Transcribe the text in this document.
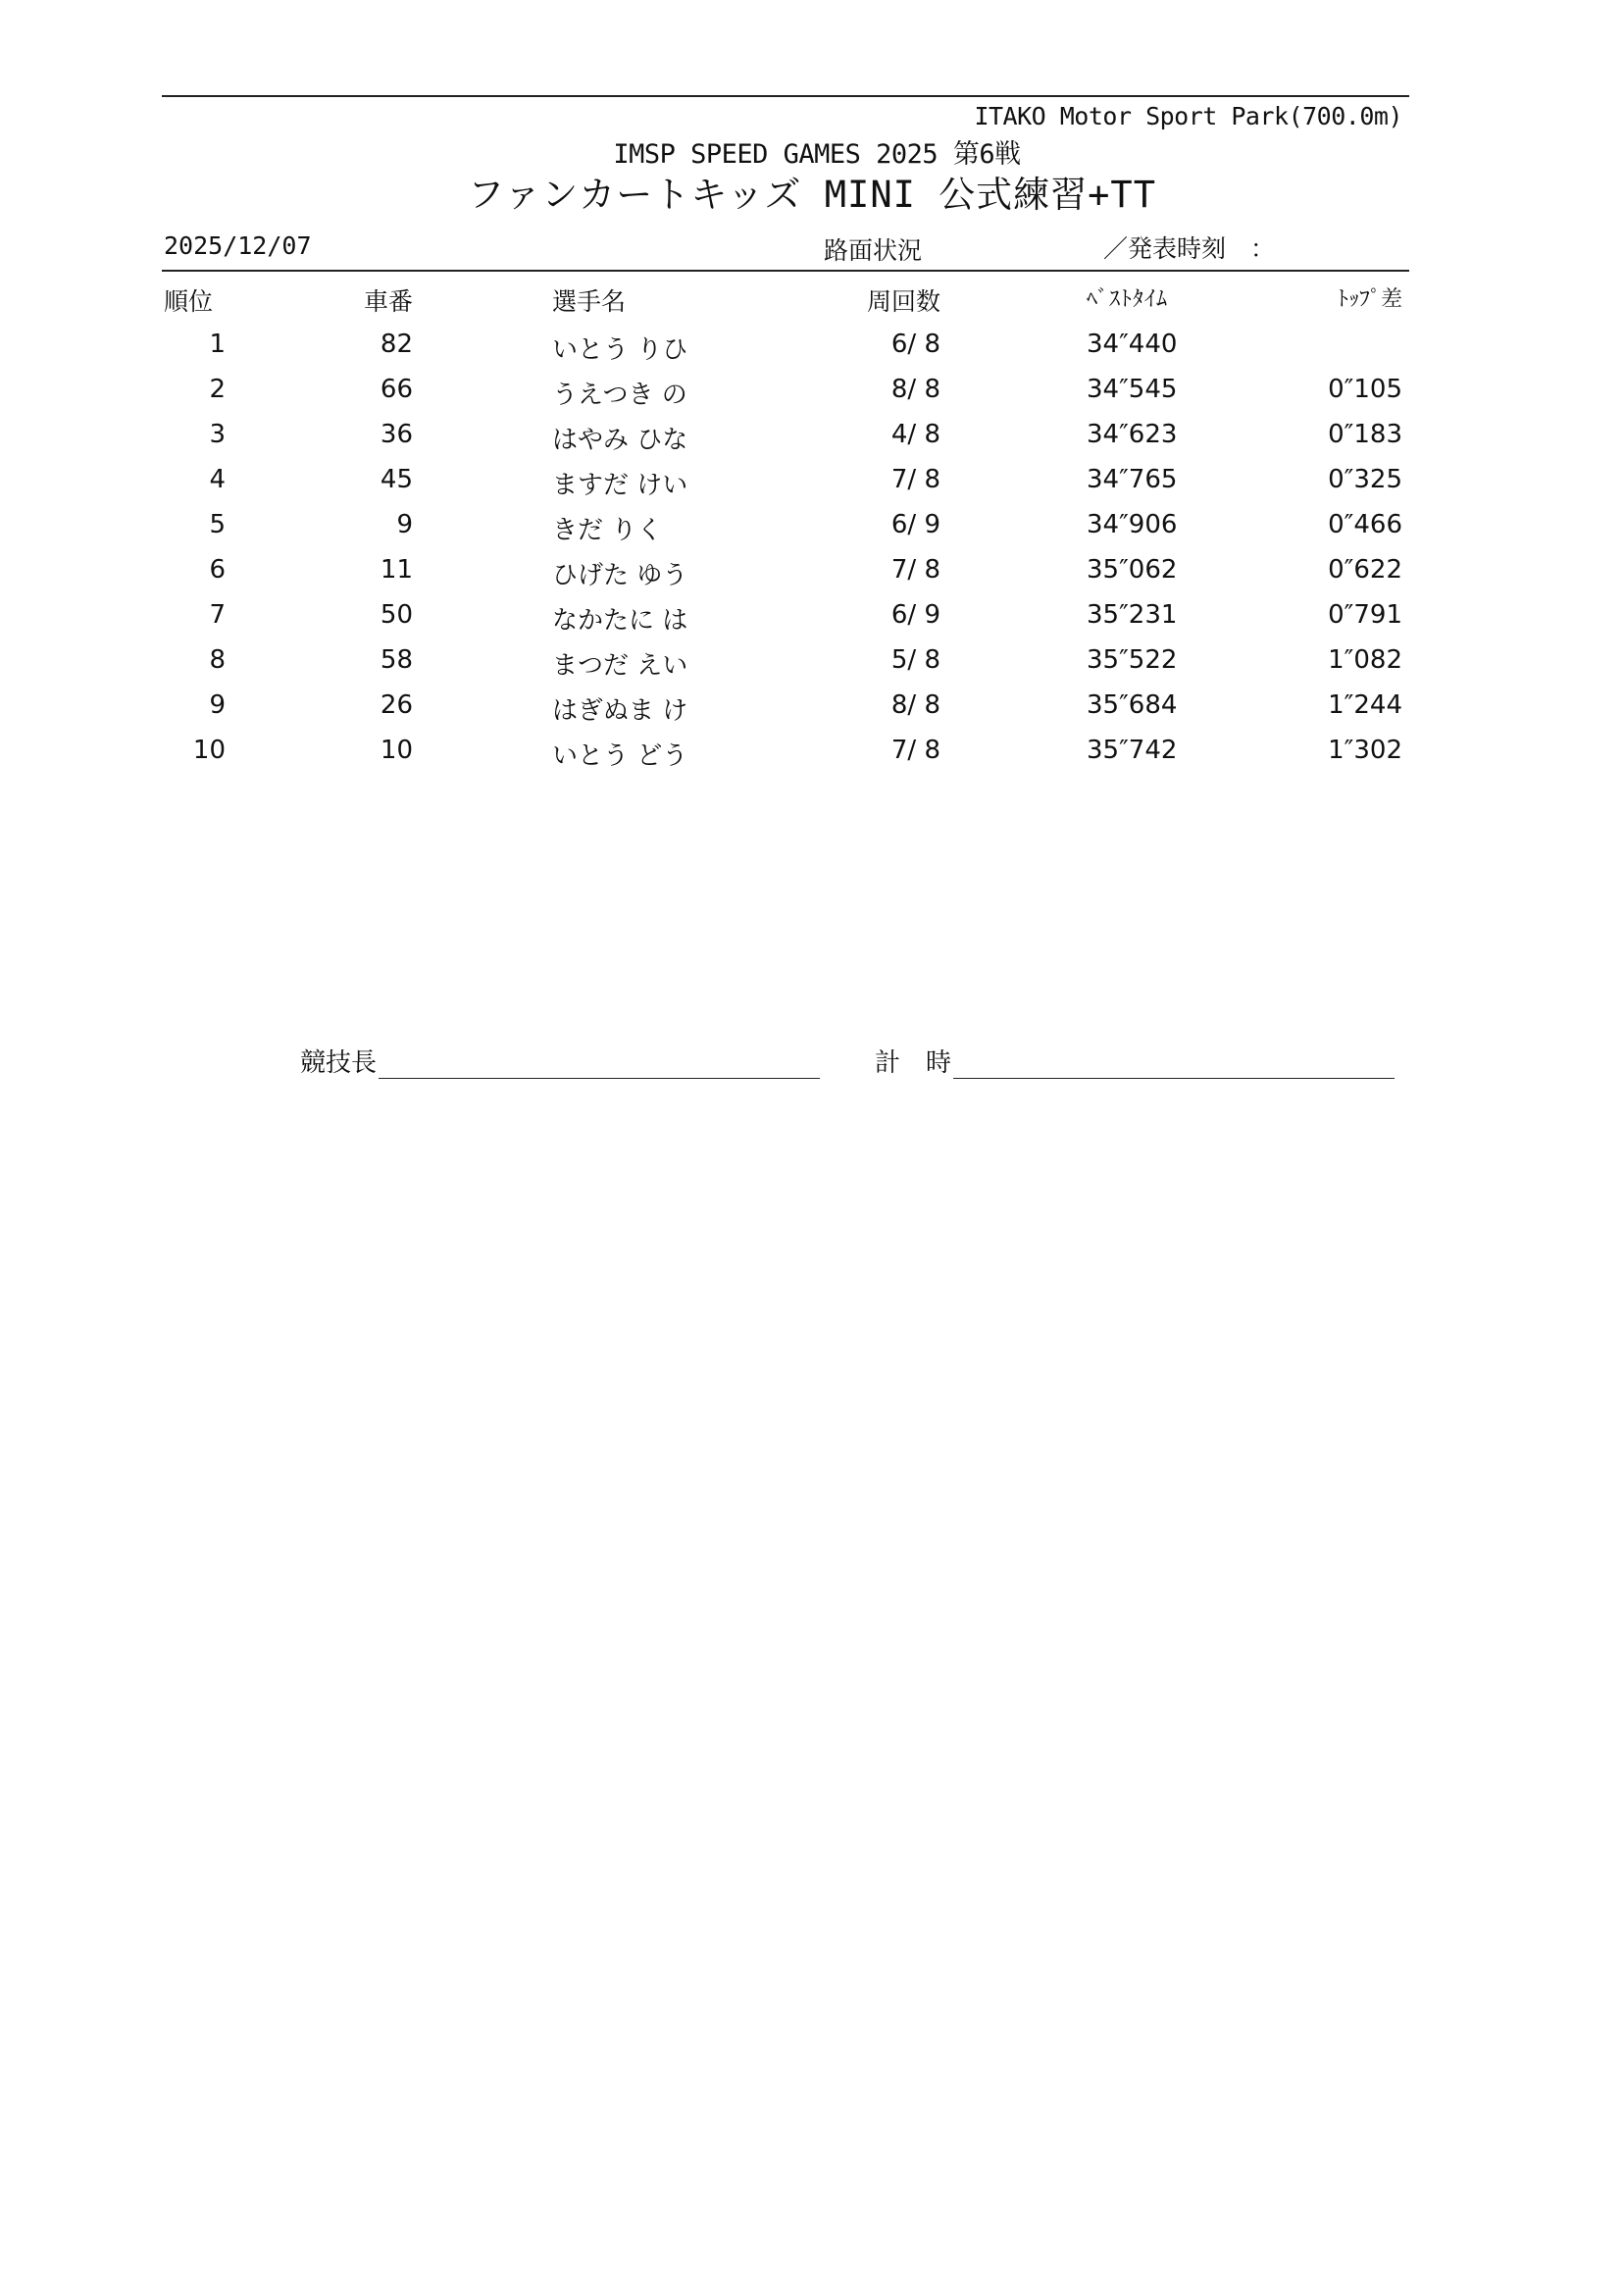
ITAKO Motor Sport Park(700.0m)
IMSP SPEED GAMES 2025 第6戦
ファンカートキッズ MINI 公式練習+TT
2025/12/07	路面状況	／発表時刻　：
順位	車番	選手名	周回数	ﾍﾞｽﾄﾀｲﾑ	ﾄｯﾌﾟ差
1	82	いとう りひ	6/ 8	34″440
2	66	うえつき の	8/ 8	34″545	0″105
3	36	はやみ ひな	4/ 8	34″623	0″183
4	45	ますだ けい	7/ 8	34″765	0″325
5	9	きだ りく	6/ 9	34″906	0″466
6	11	ひげた ゆう	7/ 8	35″062	0″622
7	50	なかたに は	6/ 9	35″231	0″791
8	58	まつだ えい	5/ 8	35″522	1″082
9	26	はぎぬま け	8/ 8	35″684	1″244
10	10	いとう どう	7/ 8	35″742	1″302
競技長	計　時
